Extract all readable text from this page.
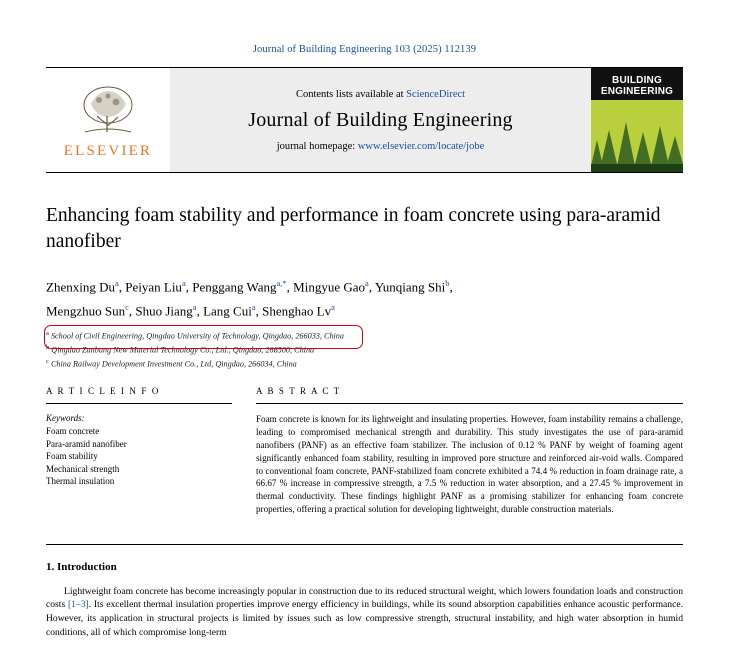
Journal of Building Engineering 103 (2025) 112139
ELSEVIER
Contents lists available at ScienceDirect
Journal of Building Engineering
journal homepage: www.elsevier.com/locate/jobe
BUILDING
ENGINEERING
Enhancing foam stability and performance in foam concrete using para-aramid nanofiber
Zhenxing Du$^a$, Peiyan Liu$^a$, Penggang Wang$^{a,*}$, Mingyue Gao$^a$, Yunqiang Shi$^b$,
Mengzhuo Sun$^c$, Shuo Jiang$^a$, Lang Cui$^a$, Shenghao Lv$^a$
$^a$ School of Civil Engineering, Qingdao University of Technology, Qingdao, 266033, China
$^b$ Qingdao Zanbang New Material Technology Co., Ltd., Qingdao, 266500, China
$^c$ China Railway Development Investment Co., Ltd, Qingdao, 266034, China
A R T I C L E I N F O
Keywords:
Foam concrete
Para-aramid nanofiber
Foam stability
Mechanical strength
Thermal insulation
A B S T R A C T

Foam concrete is known for its lightweight and insulating properties. However, foam instability remains a challenge, leading to compromised mechanical strength and durability. This study investigates the use of para-aramid nanofibers (PANF) as an effective foam stabilizer. The inclusion of 0.12 % PANF by weight of foaming agent significantly enhanced foam stability, resulting in improved pore structure and reinforced air-void walls. Compared to conventional foam concrete, PANF-stabilized foam concrete exhibited a 74.4 % reduction in foam drainage rate, a 66.67 % increase in compressive strength, a 7.5 % reduction in water absorption, and a 27.45 % improvement in thermal conductivity. These findings highlight PANF as a promising stabilizer for enhancing foam concrete properties, offering a practical solution for developing lightweight, durable construction materials.

1. Introduction

Lightweight foam concrete has become increasingly popular in construction due to its reduced structural weight, which lowers foundation loads and construction costs [1–3]. Its excellent thermal insulation properties improve energy efficiency in buildings, while its sound absorption capabilities enhance acoustic performance. However, its application in structural projects is limited by issues such as low compressive strength, structural instability, and high water absorption in humid conditions, all of which compromise long-term
